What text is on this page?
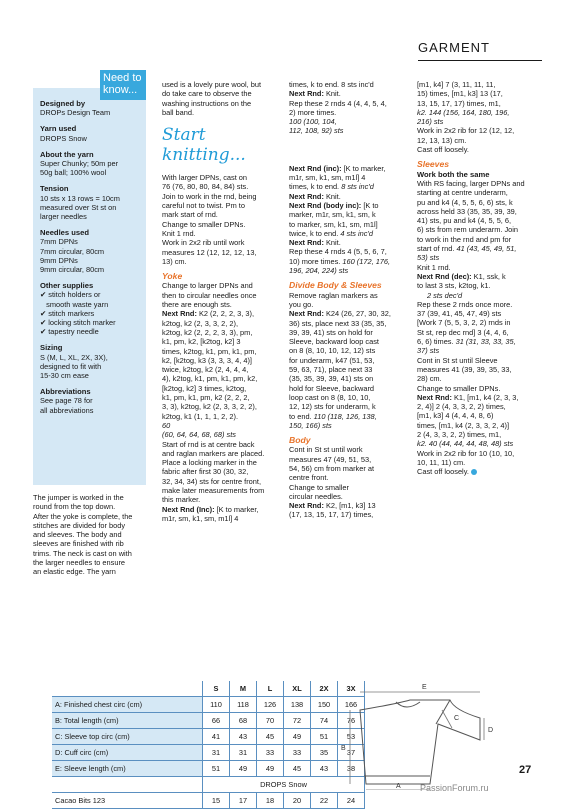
GARMENT
Need to
know...
Designed by
DROPs Design Team
Yarn used
DROPS Snow
About the yarn
Super Chunky; 50m per
50g ball; 100% wool
Tension
10 sts x 13 rows = 10cm
measured over St st on
larger needles
Needles used
7mm DPNs
7mm circular, 80cm
9mm DPNs
9mm circular, 80cm
Other supplies
✔ stitch holders or
smooth waste yarn
✔ stitch markers
✔ locking stitch marker
✔ tapestry needle
Sizing
S (M, L, XL, 2X, 3X),
designed to fit with
15-30 cm ease
Abbreviations
See page 78 for
all abbreviations
The jumper is worked in the
round from the top down.
After the yoke is complete, the
stitches are divided for body
and sleeves. The body and
sleeves are finished with rib
trims. The neck is cast on with
the larger needles to ensure
an elastic edge. The yarn
used is a lovely pure wool, but
do take care to observe the
washing instructions on the
ball band.
Start knitting...
With larger DPNs, cast on
76 (76, 80, 80, 84, 84) sts.
Join to work in the rnd, being
careful not to twist. Pm to
mark start of rnd.
Change to smaller DPNs.
Knit 1 rnd.
Work in 2x2 rib until work
measures 12 (12, 12, 12, 13,
13) cm.
Yoke
Change to larger DPNs and
then to circular needles once
there are enough sts.
Next Rnd: K2 (2, 2, 2, 3, 3),
k2tog, k2 (2, 3, 3, 2, 2),
k2tog, k2 (2, 2, 2, 3, 3), pm,
k1, pm, k2, [k2tog, k2] 3
times, k2tog, k1, pm, k1, pm,
k2, [k2tog, k3 (3, 3, 3, 4, 4)]
twice, k2tog, k2 (2, 4, 4, 4,
4), k2tog, k1, pm, k1, pm, k2,
[k2tog, k2] 3 times, k2tog,
k1, pm, k1, pm, k2 (2, 2, 2,
3, 3), k2tog, k2 (2, 3, 3, 2, 2),
k2tog, k1 (1, 1, 1, 2, 2).
60
(60, 64, 64, 68, 68) sts
Start of rnd is at centre back
and raglan markers are placed.
Place a locking marker in the
fabric after first 30 (30, 32,
32, 34, 34) sts for centre front,
make later measurements from
this marker.
Next Rnd (Inc): [K to marker,
m1r, sm, k1, sm, m1l] 4
times, k to end. 8 sts inc'd
Next Rnd: Knit.
Rep these 2 rnds 4 (4, 4, 5, 4,
2) more times.
100 (100, 104,
112, 108, 92) sts
Next Rnd (inc): [K to marker,
m1r, sm, k1, sm, m1l] 4
times, k to end. 8 sts inc'd
Next Rnd: Knit.
Next Rnd (body inc): [K to
marker, m1r, sm, k1, sm, k
to marker, sm, k1, sm, m1l]
twice, k to end. 4 sts inc'd
Next Rnd: Knit.
Rep these 4 rnds 4 (5, 5, 6, 7,
10) more times. 160 (172, 176,
196, 204, 224) sts
Divide Body & Sleeves
Remove raglan markers as
you go.
Next Rnd: K24 (26, 27, 30, 32,
36) sts, place next 33 (35, 35,
39, 39, 41) sts on hold for
Sleeve, backward loop cast
on 8 (8, 10, 10, 12, 12) sts
for underarm, k47 (51, 53,
59, 63, 71), place next 33
(35, 35, 39, 39, 41) sts on
hold for Sleeve, backward
loop cast on 8 (8, 10, 10,
12, 12) sts for underarm, k
to end. 110 (118, 126, 138,
150, 166) sts
Body
Cont in St st until work
measures 47 (49, 51, 53,
54, 56) cm from marker at
centre front.
Change to smaller
circular needles.
Next Rnd: K2, [m1, k3] 13
(17, 13, 15, 17, 17) times,
[m1, k4] 7 (3, 11, 11, 11,
15) times, [m1, k3] 13 (17,
13, 15, 17, 17) times, m1,
k2. 144 (156, 164, 180, 196,
216) sts
Work in 2x2 rib for 12 (12, 12,
12, 13, 13) cm.
Cast off loosely.
Sleeves
Work both the same
With RS facing, larger DPNs and
starting at centre underarm,
pu and k4 (4, 5, 5, 6, 6) sts, k
across held 33 (35, 35, 39, 39,
41) sts, pu and k4 (4, 5, 5, 6,
6) sts from rem underarm. Join
to work in the rnd and pm for
start of rnd. 41 (43, 45, 49, 51,
53) sts
Knit 1 rnd.
Next Rnd (dec): K1, ssk, k
to last 3 sts, k2tog, k1.
2 sts dec'd
Rep these 2 rnds once more.
37 (39, 41, 45, 47, 49) sts
[Work 7 (5, 5, 3, 2, 2) rnds in
St st, rep dec rnd] 3 (4, 4, 6,
6, 6) times. 31 (31, 33, 33, 35,
37) sts
Cont in St st until Sleeve
measures 41 (39, 39, 35, 33,
28) cm.
Change to smaller DPNs.
Next Rnd: K1, [m1, k4 (2, 3, 3,
2, 4)] 2 (4, 3, 3, 2, 2) times,
[m1, k3] 4 (4, 4, 4, 8, 6)
times, [m1, k4 (2, 3, 3, 2, 4)]
2 (4, 3, 3, 2, 2) times, m1,
k2. 40 (44, 44, 44, 48, 48) sts
Work in 2x2 rib for 10 (10, 10,
10, 11, 11) cm.
Cast off loosely.
	S	M	L	XL	2X	3X
A: Finished chest circ (cm)	110	118	126	138	150	166
B: Total length (cm)	66	68	70	72	74	76
C: Sleeve top circ (cm)	41	43	45	49	51	53
D: Cuff circ (cm)	31	31	33	33	35	37
E: Sleeve length (cm)	51	49	49	45	43	38
	DROPS Snow					
Cacao Bits 123	15	17	18	20	22	24
E
C
D
B
A
27
PassionForum.ru
